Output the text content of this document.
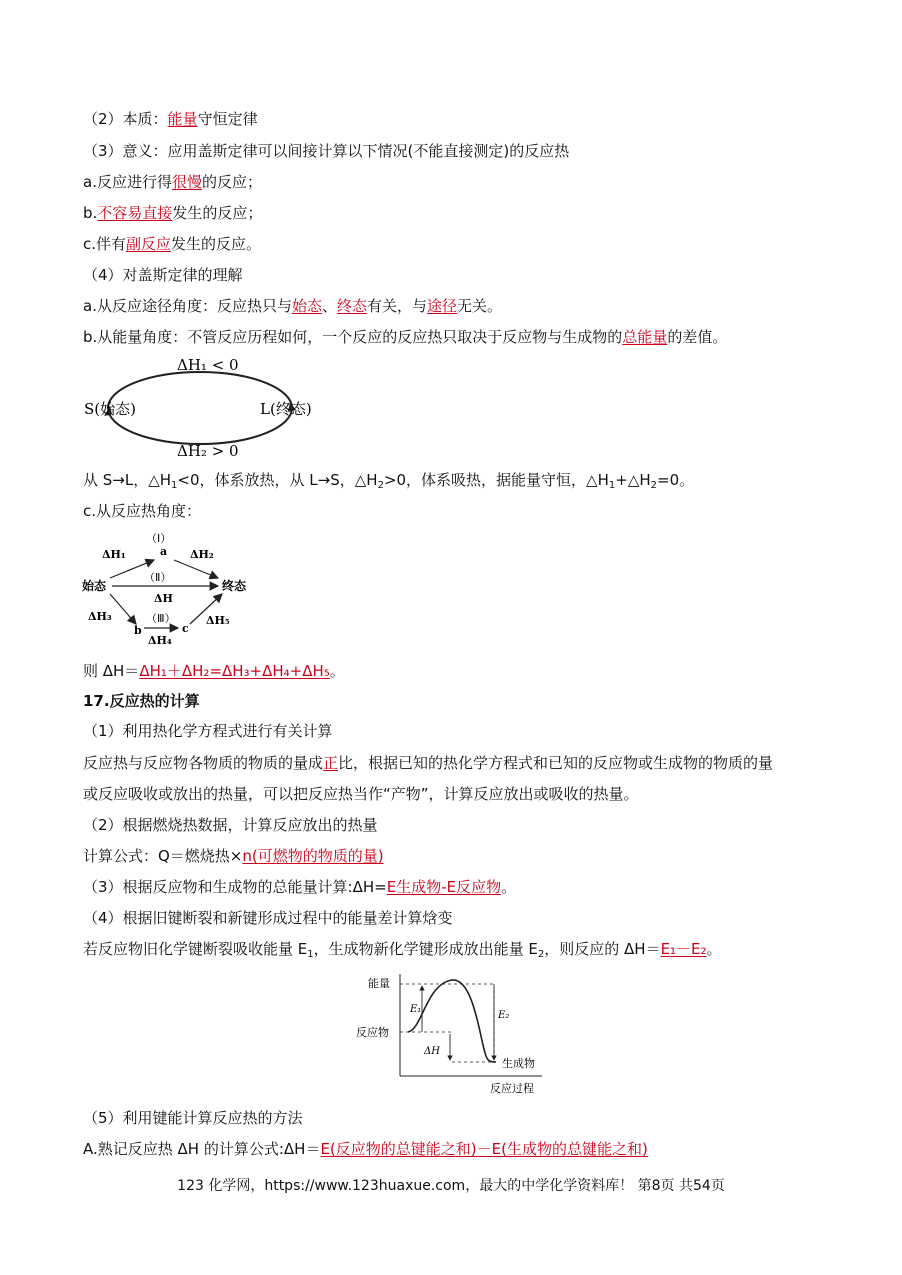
（2）本质：能量守恒定律
（3）意义：应用盖斯定律可以间接计算以下情况(不能直接测定)的反应热
a.反应进行得很慢的反应；
b.不容易直接发生的反应；
c.伴有副反应发生的反应。
（4）对盖斯定律的理解
a.从反应途径角度：反应热只与始态、终态有关，与途径无关。
b.从能量角度：不管反应历程如何，一个反应的反应热只取决于反应物与生成物的总能量的差值。
ΔH₁ < 0
ΔH₂ > 0
S(始态)	L(终态)
从 S→L，$\triangle H_1<0$，体系放热，从 L→S，$\triangle H_2>0$，体系吸热，据能量守恒，$\triangle H_1+\triangle H_2=0$。
c.从反应热角度：
（Ⅰ）
a
ΔH₁	ΔH₂
（Ⅱ）
始态	终态
ΔH
ΔH₃	（Ⅲ）	ΔH₅
b	c
ΔH₄
则 ΔH＝ΔH₁＋ΔH₂=ΔH₃+ΔH₄+ΔH₅。
17.反应热的计算
（1）利用热化学方程式进行有关计算
反应热与反应物各物质的物质的量成正比，根据已知的热化学方程式和已知的反应物或生成物的物质的量
或反应吸收或放出的热量，可以把反应热当作“产物”，计算反应放出或吸收的热量。
（2）根据燃烧热数据，计算反应放出的热量
计算公式：Q＝燃烧热×n(可燃物的物质的量)
（3）根据反应物和生成物的总能量计算:ΔH=E生成物-E反应物。
（4）根据旧键断裂和新键形成过程中的能量差计算焓变
若反应物旧化学键断裂吸收能量 $E_1$，生成物新化学键形成放出能量 $E_2$，则反应的 ΔH＝E₁－E₂。
能量
反应过程
反应物
生成物
E₁
E₂
ΔH
（5）利用键能计算反应热的方法
A.熟记反应热 ΔH 的计算公式:ΔH＝E(反应物的总键能之和)－E(生成物的总键能之和)
123 化学网，https://www.123huaxue.com，最大的中学化学资料库！ 第8页 共54页
